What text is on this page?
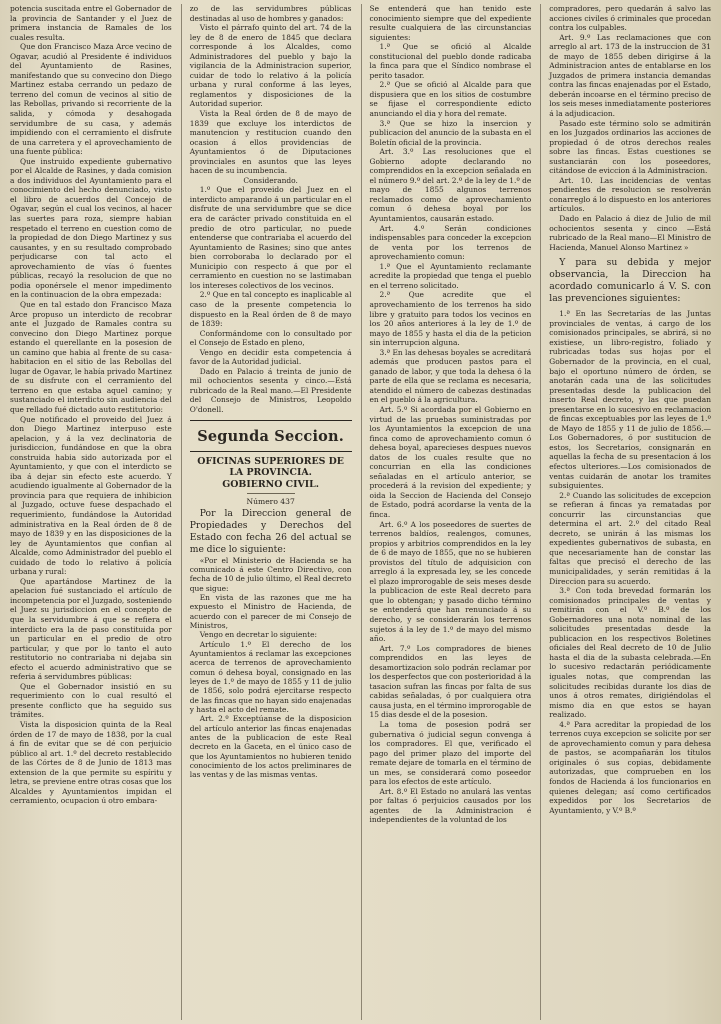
potencia suscitada entre el Gobernador de la provincia de Santander y el Juez de primera instancia de Ramales de los cuales resulta.

Que don Francisco Maza Arce vecino de Ogavar, acudió al Presidente é individuos del Ayuntamiento de Rasines, manifestando que su convecino don Diego Martinez estaba cerrando un pedazo de terreno del comun de vecinos al sitio de las Rebollas, privando si recorriente de la salida, y cómoda y desahogada servidumbre de su casa, y además impidiendo con el cerramiento el disfrute de una carretera y el aprovechamiento de una fuente pública:

Que instruido expediente gubernativo por el Alcalde de Rasines, y dada comision a dos individuos del Ayuntamiento para el conocimiento del hecho denunciado, visto el libro de acuerdos del Concejo de Ogavar, según el cual los vecinos, al hacer las suertes para roza, siempre habian respetado el terreno en cuestion como de la propiedad de don Diego Martinez y sus causantes, y en su resultado comprobado perjudicarse con tal acto el aprovechamiento de vías ó fuentes públicas, recayó la resolucion de que no podia oponérsele el menor impedimento en la continuacion de la obra empezada:

Que en tal estado don Francisco Maza Arce propuso un interdicto de recobrar ante el Juzgado de Ramales contra su convecino don Diego Martinez porque estando el querellante en la posesion de un camino que habia al frente de su casa-habitacion en el sitio de las Rebollas del lugar de Ogavar, le había privado Martinez de su disfrute con el cerramiento del terreno en que estaba aquel camino; y sustanciado el interdicto sin audiencia del que rellado fué dictado auto restitutorio:

Que notificado el proveido del Juez á don Diego Martinez interpuso este apelacion, y á la vez declinatoria de jurisdiccion, fundándose en que la obra construida habia sido autorizada por el Ayuntamiento, y que con el interdicto se iba á dejar sin efecto este acuerdo. Y acudiendo igualmente al Gobernador de la provincia para que requiera de inhibicion al Juzgado, octuve fuese despachado el requerimiento, fundándose la Autoridad administrativa en la Real órden de 8 de mayo de 1839 y en las disposiciones de la ley de Ayuntamientos que confian al Alcalde, como Administrador del pueblo el cuidado de todo lo relativo á policía urbana y rural:

Que apartándose Martinez de la apelacion fué sustanciado el artículo de incompetencia por el Juzgado, sosteniendo el Juez su jurisdiccion en el concepto de que la servidumbre á que se refiera el interdicto era la de paso constituida por un particular en el predio de otro particular, y que por lo tanto el auto restitutorio no contrariaba ni dejaba sin efecto el acuerdo administrativo que se referia á servidumbres públicas:

Que el Gobernador insistió en su requerimiento con lo cual resultó el presente conflicto que ha seguido sus trámites.

Vista la disposicion quinta de la Real órden de 17 de mayo de 1838, por la cual á fin de evitar que se dé con perjuicio público al art. 1.º del decreto restablecido de las Córtes de 8 de Junio de 1813 mas extension de la que permite su espíritu y letra, se previene entre otras cosas que los Alcaldes y Ayuntamientos impidan el cerramiento, ocupacion ú otro embara-

zo de las servidumbres públicas destinadas al uso de hombres y ganados:

Visto el párrafo quinto del art. 74 de la ley de 8 de enero de 1845 que declara corresponde á los Alcaldes, como Administradores del pueblo y bajo la vigilancia de la Administracion superior, cuidar de todo lo relativo á la policía urbana y rural conforme á las leyes, reglamentos y disposiciones de la Autoridad superior.

Vista la Real órden de 8 de mayo de 1839 que excluye los interdictos de manutencion y restitucion cuando den ocasion á ellos providencias de Ayuntamientos ó de Diputaciones provinciales en asuntos que las leyes hacen de su incumbencia.

Considerando.

1.º Que el proveido del Juez en el interdicto amparando á un particular en el disfrute de una servidumbre que se dice era de carácter privado constituida en el predio de otro particular, no puede entenderse que contrariaba el acuerdo del Ayuntamiento de Rasines; sino que antes bien corroboraba lo declarado por el Municipio con respecto á que por el cerramiento en cuestion no se lastimaban los intereses colectivos de los vecinos.

2.º Que en tal concepto es inaplicable al caso de la presente competencia lo dispuesto en la Real órden de 8 de mayo de 1839:

Conformándome con lo consultado por el Consejo de Estado en pleno,

Vengo en decidir esta competencia á favor de la Autoridad judicial.

Dado en Palacio á treinta de junio de mil ochocientos sesenta y cinco.—Está rubricado de la Real mano.—El Presidente del Consejo de Ministros, Leopoldo O'donell.

Segunda Seccion.
OFICINAS SUPERIORES DE LA PROVINCIA.
GOBIERNO CIVIL.
Número 437

Por la Direccion general de Propiedades y Derechos del Estado con fecha 26 del actual se me dice lo siguiente:

«Por el Ministerio de Hacienda se ha comunicado á este Centro Directivo, con fecha de 10 de julio último, el Real decreto que sigue:

En vista de las razones que me ha expuesto el Ministro de Hacienda, de acuerdo con el parecer de mi Consejo de Ministros,

Vengo en decretar lo siguiente:

Artículo 1.º El derecho de los Ayuntamientos á reclamar las excepciones acerca de terrenos de aprovechamiento comun ó dehesa boyal, consignado en las leyes de 1.º de mayo de 1855 y 11 de julio de 1856, solo podrá ejercitarse respecto de las fincas que no hayan sido enajenadas y hasta el acto del remate.

Art. 2.º Exceptúanse de la disposicion del artículo anterior las fincas enajenadas antes de la publicacion de este Real decreto en la Gaceta, en el único caso de que los Ayuntamientos no hubieren tenido conocimiento de los actos preliminares de las ventas y de las mismas ventas.

Se entenderá que han tenido este conocimiento siempre que del expediente resulte cualquiera de las circunstancias siguientes:

1.ª Que se ofició al Alcalde constitucional del pueblo donde radicaba la finca para que el Síndico nombrase el perito tasador.

2.ª Que se ofició al Alcalde para que dispusiera que en los sitios de costumbre se fijase el correspondiente edicto anunciando el dia y hora del remate.

3.ª Que se hizo la insercion y publicacion del anuncio de la subasta en el Boletín oficial de la provincia.

Art. 3.º Las resoluciones que el Gobierno adopte declarando no comprendidos en la excepcion señalada en el número 9.º del art. 2.º de la ley de 1.º de mayo de 1855 algunos terrenos reclamados como de aprovechamiento comun ó dehesa boyal por los Ayuntamientos, causarán estado.

Art. 4.º Serán condiciones indispensables para conceder la excepcion de venta por los terrenos de aprovechamiento comun:

1.ª Que el Ayuntamiento reclamante acredite la propiedad que tenga el pueblo en el terreno solicitado.

2.ª Que acredite que el aprovechamiento de los terrenos ha sido libre y gratuito para todos los vecinos en los 20 años anteriores á la ley de 1.º de mayo de 1855 y hasta el dia de la peticion sin interrupcion alguna.

3.ª En las dehesas boyales se acreditará además que producen pastos para el ganado de labor, y que toda la dehesa ó la parte de ella que se reclama es necesaria, atendido el número de cabezas destinadas en el pueblo á la agricultura.

Art. 5.º Si acordada por el Gobierno en virtud de las pruebas suministradas por los Ayuntamientos la excepcion de una finca como de aprovechamiento comun ó dehesa boyal, aparecieses despues nuevos datos de los cuales resulte que no concurrian en ella las condiciones señaladas en el artículo anterior, se procederá á la revision del expediente; y oida la Seccion de Hacienda del Consejo de Estado, podrá acordarse la venta de la finca.

Art. 6.º A los poseedores de suertes de terrenos baldíos, realengos, comunes, propios y arbitrios comprendidos en la ley de 6 de mayo de 1855, que no se hubieren provistos del título de adquisicion con arreglo á la expresada ley, se les concede el plazo improrogable de seis meses desde la publicacion de este Real decreto para que lo obtengan; y pasado dicho término se entenderá que han renunciado á su derecho, y se considerarán los terrenos sujetos á la ley de 1.º de mayo del mismo año.

Art. 7.º Los compradores de bienes comprendidos en las leyes de desamortizacion solo podrán reclamar por los desperfectos que con posterioridad á la tasacion sufran las fincas por falta de sus cabidas señaladas, ó por cualquiera otra causa justa, en el término improrogable de 15 dias desde el de la posesion.

La toma de posesion podrá ser gubernativa ó judicial segun convenga á los compradores. El que, verificado el pago del primer plazo del importe del remate dejare de tomarla en el término de un mes, se considerará como poseedor para los efectos de este artículo.

Art. 8.º El Estado no anulará las ventas por faltas ó perjuicios causados por los agentes de la Administracion é independientes de la voluntad de los

compradores, pero quedarán á salvo las acciones civiles ó criminales que procedan contra los culpables.

Art. 9.º Las reclamaciones que con arreglo al art. 173 de la instruccion de 31 de mayo de 1855 deben dirigirse á la Administracion antes de entablarse en los Juzgados de primera instancia demandas contra las fincas enajenadas por el Estado, deberán incoarse en el término preciso de los seis meses inmediatamente posteriores á la adjudicacion.

Pasado este término solo se admitirán en los Juzgados ordinarios las acciones de propiedad ó de otros derechos reales sobre las fincas. Estas cuestiones se sustanciarán con los poseedores, citándose de eviccion á la Administracion.

Art. 10. Las incidencias de ventas pendientes de resolucion se resolverán conarreglo á lo dispuesto en los anteriores artículos.

Dado en Palacio á diez de Julio de mil ochocientos sesenta y cinco —Está rubricado de la Real mano—El Ministro de Hacienda, Manuel Alonso Martinez »

Y para su debida y mejor observancia, la Direccion ha acordado comunicarlo á V. S. con las prevenciones siguientes:

1.ª En las Secretarías de las Juntas provinciales de ventas, á cargo de los comisionados principales, se abrirá, si no existiese, un libro-registro, foliado y rubricadas todas sus hojas por el Gobernador de la provincia, en el cual, bajo el oportuno número de órden, se anotarán cada una de las solicitudes presentadas desde la publicacion del inserto Real decreto, y las que puedan presentarse en lo sucesivo en reclamacion de fincas exceptuables por las leyes de 1.º de Mayo de 1855 y 11 de julio de 1856.—Los Gobernadores, ó por sustitucion de estos, los Secretarios, consignarán en aquellas la fecha de su presentacion á los efectos ulteriores.—Los comisionados de ventas cuidarán de anotar los tramites subsiguientes.

2.ª Cuando las solicitudes de excepcion se refieran á fincas ya rematadas por concurrir las circunstancias que determina el art. 2.º del citado Real decreto, se unirán á las mismas los expedientes gubernativos de subasta, en que necesariamente han de constar las faltas que precisó el derecho de las municipalidades, y serán remitidas á la Direccion para su acuerdo.

3.ª Con toda brevedad formarán los comisionados principales de ventas y remitirán con el V.º B.º de los Gobernadores una nota nominal de las solicitudes presentadas desde la publicacion en los respectivos Boletines oficiales del Real decreto de 10 de Julio hasta el dia de la subasta celebrada.—En lo sucesivo redactarán periódicamente iguales notas, que comprendan las solicitudes recibidas durante los dias de unos á otros remates, dirigiéndolas el mismo dia en que estos se hayan realizado.

4.ª Para acreditar la propiedad de los terrenos cuya excepcion se solicite por ser de aprovechamiento comun y para dehesa de pastos, se acompañarán los títulos originales ó sus copias, debidamente autorizadas, que comprueben en los fondos de Hacienda á los funcionarios en quienes delegan; así como certificados expedidos por los Secretarios de Ayuntamiento, y V.º B.º
